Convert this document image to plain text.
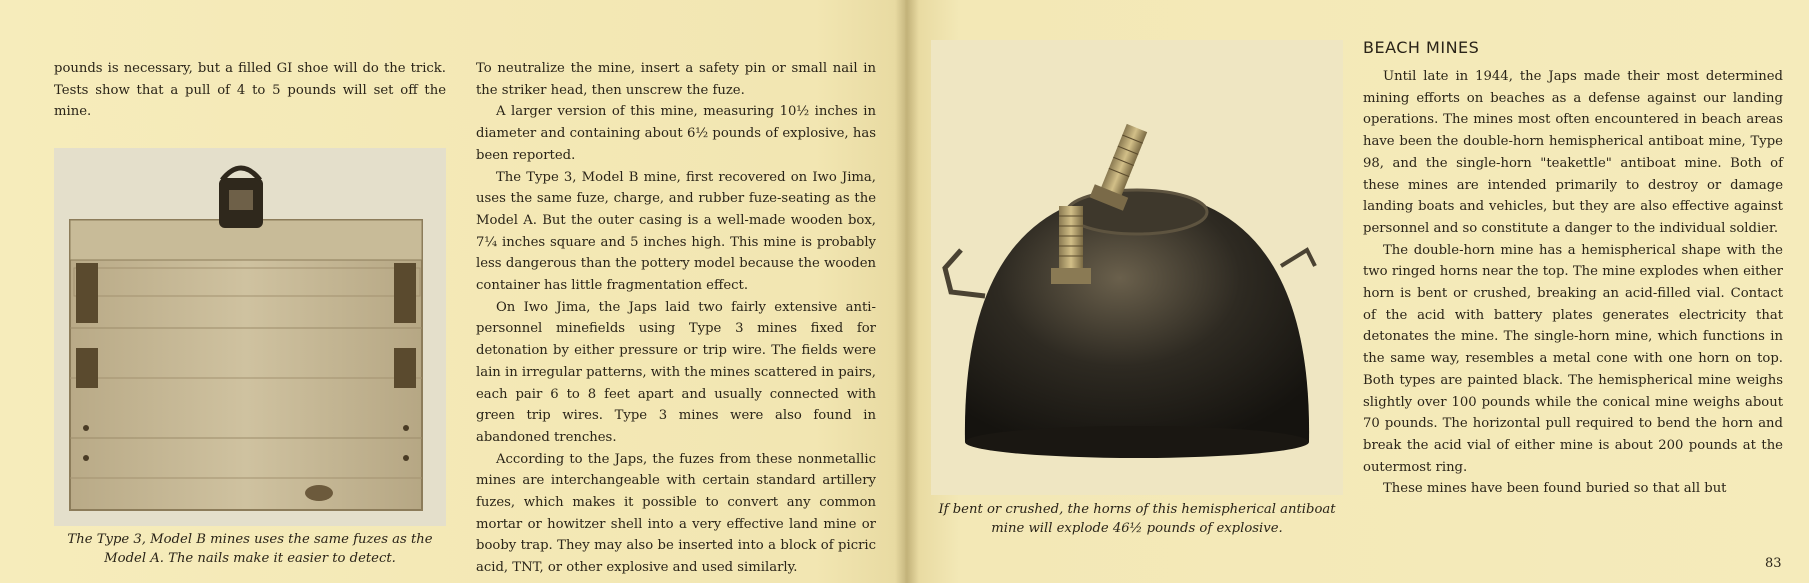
pounds is necessary, but a filled GI shoe will do the trick. Tests show that a pull of 4 to 5 pounds will set off the mine.

The Type 3, Model B mines uses the same fuzes as the Model A. The nails make it easier to detect.

To neutralize the mine, insert a safety pin or small nail in the striker head, then unscrew the fuze.

A larger version of this mine, measuring 10½ inches in diameter and containing about 6½ pounds of explosive, has been reported.

The Type 3, Model B mine, first recovered on Iwo Jima, uses the same fuze, charge, and rubber fuze-seating as the Model A. But the outer casing is a well-made wooden box, 7¼ inches square and 5 inches high. This mine is probably less dangerous than the pottery model because the wooden container has little fragmentation effect.

On Iwo Jima, the Japs laid two fairly extensive anti-personnel minefields using Type 3 mines fixed for detonation by either pressure or trip wire. The fields were lain in irregular patterns, with the mines scattered in pairs, each pair 6 to 8 feet apart and usually connected with green trip wires. Type 3 mines were also found in abandoned trenches.

According to the Japs, the fuzes from these nonmetallic mines are interchangeable with certain standard artillery fuzes, which makes it possible to convert any common mortar or howitzer shell into a very effective land mine or booby trap. They may also be inserted into a block of picric acid, TNT, or other explosive and used similarly.

If bent or crushed, the horns of this hemispherical antiboat mine will explode 46½ pounds of explosive.
BEACH MINES

Until late in 1944, the Japs made their most determined mining efforts on beaches as a defense against our landing operations. The mines most often encountered in beach areas have been the double-horn hemispherical antiboat mine, Type 98, and the single-horn "teakettle" antiboat mine. Both of these mines are intended primarily to destroy or damage landing boats and vehicles, but they are also effective against personnel and so constitute a danger to the individual soldier.

The double-horn mine has a hemispherical shape with the two ringed horns near the top. The mine explodes when either horn is bent or crushed, breaking an acid-filled vial. Contact of the acid with battery plates generates electricity that detonates the mine. The single-horn mine, which functions in the same way, resembles a metal cone with one horn on top. Both types are painted black. The hemispherical mine weighs slightly over 100 pounds while the conical mine weighs about 70 pounds. The horizontal pull required to bend the horn and break the acid vial of either mine is about 200 pounds at the outermost ring.

These mines have been found buried so that all but

83
